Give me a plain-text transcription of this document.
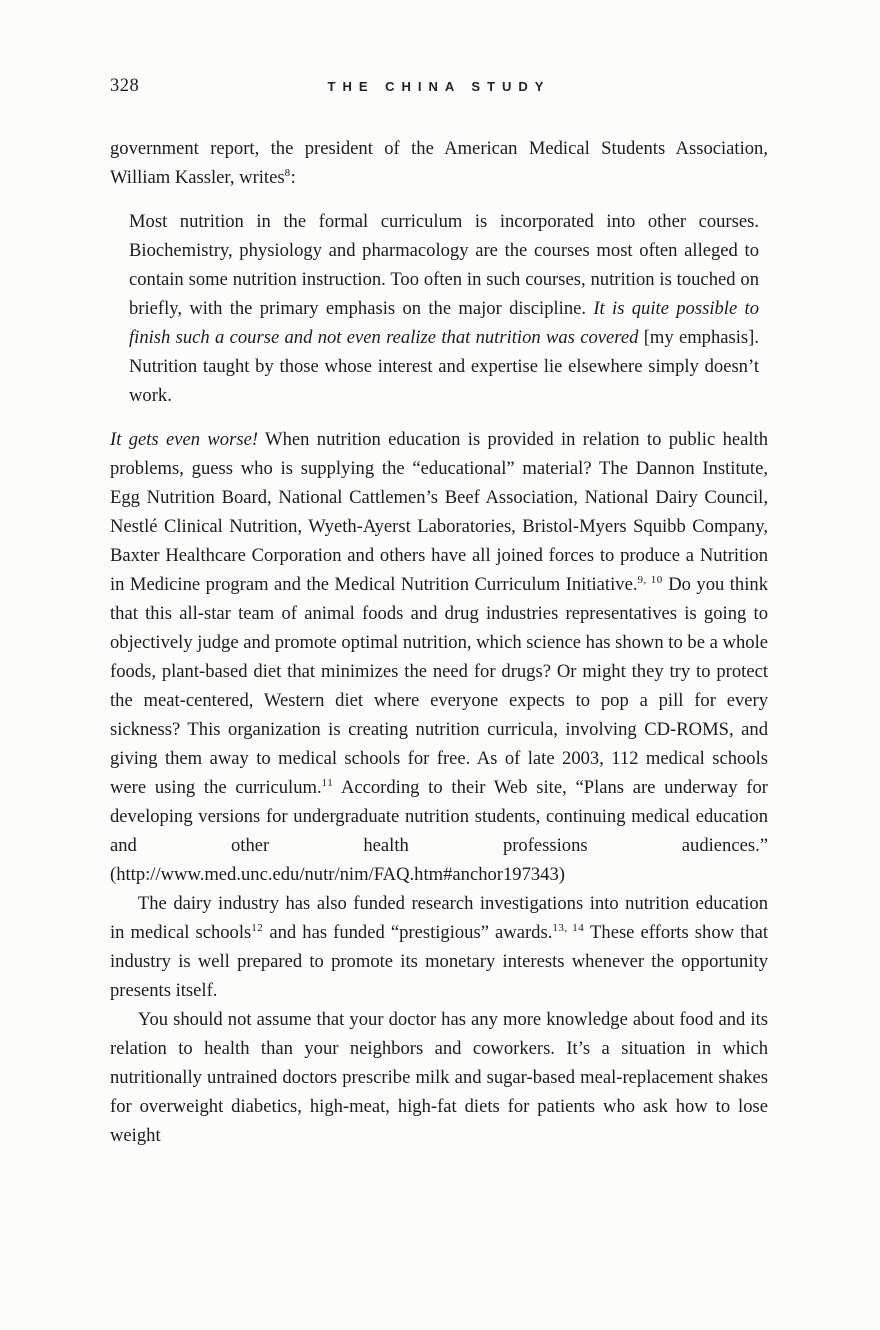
328	THE CHINA STUDY

government report, the president of the American Medical Students Association, William Kassler, writes$^8$:

Most nutrition in the formal curriculum is incorporated into other courses. Biochemistry, physiology and pharmacology are the courses most often alleged to contain some nutrition instruction. Too often in such courses, nutrition is touched on briefly, with the primary emphasis on the major discipline. It is quite possible to finish such a course and not even realize that nutrition was covered [my emphasis]. Nutrition taught by those whose interest and expertise lie elsewhere simply doesn’t work.

It gets even worse! When nutrition education is provided in relation to public health problems, guess who is supplying the “educational” material? The Dannon Institute, Egg Nutrition Board, National Cattlemen’s Beef Association, National Dairy Council, Nestlé Clinical Nutrition, Wyeth-Ayerst Laboratories, Bristol-Myers Squibb Company, Baxter Healthcare Corporation and others have all joined forces to produce a Nutrition in Medicine program and the Medical Nutrition Curriculum Initiative.$^{9, 10}$ Do you think that this all-star team of animal foods and drug industries representatives is going to objectively judge and promote optimal nutrition, which science has shown to be a whole foods, plant-based diet that minimizes the need for drugs? Or might they try to protect the meat-centered, Western diet where everyone expects to pop a pill for every sickness? This organization is creating nutrition curricula, involving CD-ROMS, and giving them away to medical schools for free. As of late 2003, 112 medical schools were using the curriculum.$^{11}$ According to their Web site, “Plans are underway for developing versions for undergraduate nutrition students, continuing medical education and other health professions audiences.” (http://www.med.unc.edu/nutr/nim/FAQ.htm#anchor197343)

The dairy industry has also funded research investigations into nutrition education in medical schools$^{12}$ and has funded “prestigious” awards.$^{13, 14}$ These efforts show that industry is well prepared to promote its monetary interests whenever the opportunity presents itself.

You should not assume that your doctor has any more knowledge about food and its relation to health than your neighbors and coworkers. It’s a situation in which nutritionally untrained doctors prescribe milk and sugar-based meal-replacement shakes for overweight diabetics, high-meat, high-fat diets for patients who ask how to lose weight
